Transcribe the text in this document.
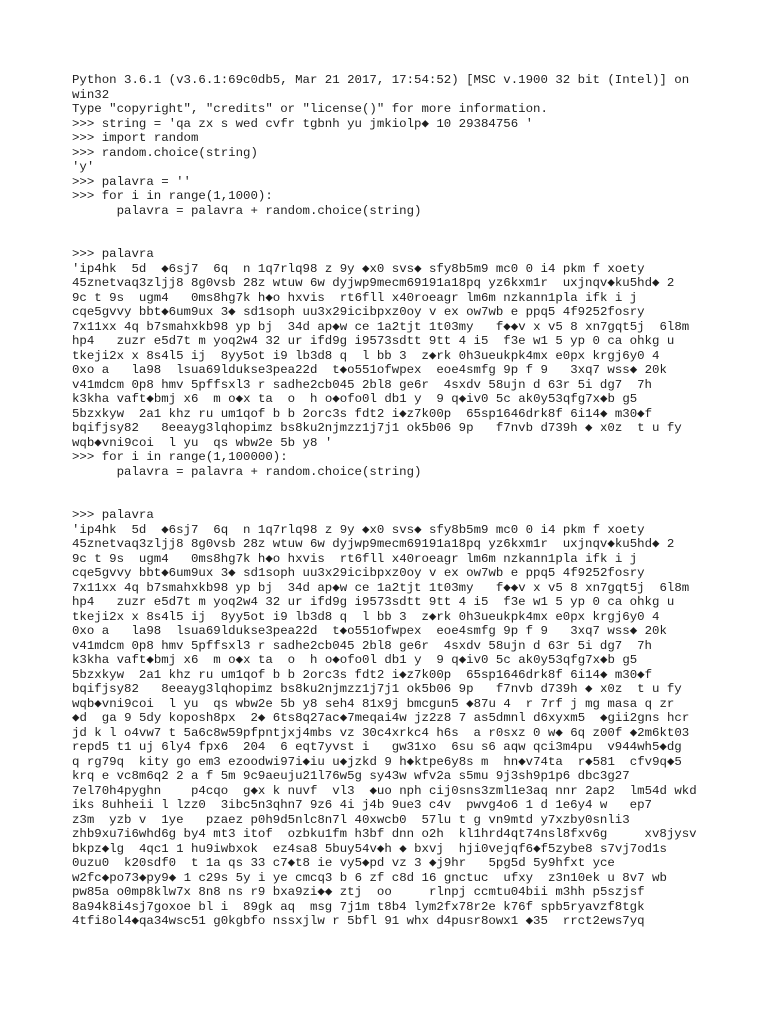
Python 3.6.1 (v3.6.1:69c0db5, Mar 21 2017, 17:54:52) [MSC v.1900 32 bit (Intel)] on
win32
Type "copyright", "credits" or "license()" for more information.
>>> string = 'qa zx s wed cvfr tgbnh yu jmkiolp◆ 10 29384756 '
>>> import random
>>> random.choice(string)
'y'
>>> palavra = ''
>>> for i in range(1,1000):
palavra = palavra + random.choice(string)
>>> palavra
'ip4hk  5d  ◆6sj7  6q  n 1q7rlq98 z 9y ◆x0 svs◆ sfy8b5m9 mc0 0 i4 pkm f xoety
45znetvaq3zljj8 8g0vsb 28z wtuw 6w dyjwp9mecm69191a18pq yz6kxm1r  uxjnqv◆ku5hd◆ 2
9c t 9s  ugm4   0ms8hg7k h◆o hxvis  rt6fll x40roeagr lm6m nzkann1pla ifk i j
cqe5gvvy bbt◆6um9ux 3◆ sd1soph uu3x29icibpxz0oy v ex ow7wb e ppq5 4f9252fosry
7x11xx 4q b7smahxkb98 yp bj  34d ap◆w ce 1a2tjt 1t03my   f◆◆v x v5 8 xn7gqt5j  6l8m
hp4   zuzr e5d7t m yoq2w4 32 ur ifd9g i9573sdtt 9tt 4 i5  f3e w1 5 yp 0 ca ohkg u
tkeji2x x 8s4l5 ij  8yy5ot i9 lb3d8 q  l bb 3  z◆rk 0h3ueukpk4mx e0px krgj6y0 4
0xo a   la98  lsua69ldukse3pea22d  t◆o551ofwpex  eoe4smfg 9p f 9   3xq7 wss◆ 20k
v41mdcm 0p8 hmv 5pffsxl3 r sadhe2cb045 2bl8 ge6r  4sxdv 58ujn d 63r 5i dg7  7h
k3kha vaft◆bmj x6  m o◆x ta  o  h o◆ofo0l db1 y  9 q◆iv0 5c ak0y53qfg7x◆b g5
5bzxkyw  2a1 khz ru um1qof b b 2orc3s fdt2 i◆z7k00p  65sp1646drk8f 6i14◆ m30◆f
bqifjsy82   8eeayg3lqhopimz bs8ku2njmzz1j7j1 ok5b06 9p   f7nvb d739h ◆ x0z  t u fy
wqb◆vni9coi  l yu  qs wbw2e 5b y8 '
>>> for i in range(1,100000):
palavra = palavra + random.choice(string)
>>> palavra
'ip4hk  5d  ◆6sj7  6q  n 1q7rlq98 z 9y ◆x0 svs◆ sfy8b5m9 mc0 0 i4 pkm f xoety
45znetvaq3zljj8 8g0vsb 28z wtuw 6w dyjwp9mecm69191a18pq yz6kxm1r  uxjnqv◆ku5hd◆ 2
9c t 9s  ugm4   0ms8hg7k h◆o hxvis  rt6fll x40roeagr lm6m nzkann1pla ifk i j
cqe5gvvy bbt◆6um9ux 3◆ sd1soph uu3x29icibpxz0oy v ex ow7wb e ppq5 4f9252fosry
7x11xx 4q b7smahxkb98 yp bj  34d ap◆w ce 1a2tjt 1t03my   f◆◆v x v5 8 xn7gqt5j  6l8m
hp4   zuzr e5d7t m yoq2w4 32 ur ifd9g i9573sdtt 9tt 4 i5  f3e w1 5 yp 0 ca ohkg u
tkeji2x x 8s4l5 ij  8yy5ot i9 lb3d8 q  l bb 3  z◆rk 0h3ueukpk4mx e0px krgj6y0 4
0xo a   la98  lsua69ldukse3pea22d  t◆o551ofwpex  eoe4smfg 9p f 9   3xq7 wss◆ 20k
v41mdcm 0p8 hmv 5pffsxl3 r sadhe2cb045 2bl8 ge6r  4sxdv 58ujn d 63r 5i dg7  7h
k3kha vaft◆bmj x6  m o◆x ta  o  h o◆ofo0l db1 y  9 q◆iv0 5c ak0y53qfg7x◆b g5
5bzxkyw  2a1 khz ru um1qof b b 2orc3s fdt2 i◆z7k00p  65sp1646drk8f 6i14◆ m30◆f
bqifjsy82   8eeayg3lqhopimz bs8ku2njmzz1j7j1 ok5b06 9p   f7nvb d739h ◆ x0z  t u fy
wqb◆vni9coi  l yu  qs wbw2e 5b y8 seh4 81x9j bmcgun5 ◆87u 4  r 7rf j mg masa q zr
◆d  ga 9 5dy koposh8px  2◆ 6ts8q27ac◆7meqai4w jz2z8 7 as5dmnl d6xyxm5  ◆gii2gns hcr
jd k l o4vw7 t 5a6c8w59pfpntjxj4mbs vz 30c4xrkc4 h6s  a r0sxz 0 w◆ 6q z00f ◆2m6kt03
repd5 t1 uj 6ly4 fpx6  204  6 eqt7yvst i   gw31xo  6su s6 aqw qci3m4pu  v944wh5◆dg
q rg79q  kity go em3 ezoodwi97i◆iu u◆jzkd 9 h◆ktpe6y8s m  hn◆v74ta  r◆581  cfv9q◆5
krq e vc8m6q2 2 a f 5m 9c9aeuju21l76w5g sy43w wfv2a s5mu 9j3sh9p1p6 dbc3g27
7el70h4pyghn    p4cqo  g◆x k nuvf  vl3  ◆uo nph cij0sns3zml1e3aq nnr 2ap2  lm54d wkd
iks 8uhheii l lzz0  3ibc5n3qhn7 9z6 4i j4b 9ue3 c4v  pwvg4o6 1 d 1e6y4 w   ep7
z3m  yzb v  1ye   pzaez p0h9d5nlc8n7l 40xwcb0  57lu t g vn9mtd y7xzby0snli3
zhb9xu7i6whd6g by4 mt3 itof  ozbku1fm h3bf dnn o2h  kl1hrd4qt74nsl8fxv6g     xv8jysv
bkpz◆lg  4qc1 1 hu9iwbxok  ez4sa8 5buy54v◆h ◆ bxvj  hji0vejqf6◆f5zybe8 s7vj7od1s
0uzu0  k20sdf0  t 1a qs 33 c7◆t8 ie vy5◆pd vz 3 ◆j9hr   5pg5d 5y9hfxt yce
w2fc◆po73◆py9◆ 1 c29s 5y i ye cmcq3 b 6 zf c8d 16 gnctuc  ufxy  z3n10ek u 8v7 wb
pw85a o0mp8klw7x 8n8 ns r9 bxa9zi◆◆ ztj  oo     rlnpj ccmtu04bii m3hh p5szjsf
8a94k8i4sj7goxoe bl i  89gk aq  msg 7j1m t8b4 lym2fx78r2e k76f spb5ryavzf8tgk
4tfi8ol4◆qa34wsc51 g0kgbfo nssxjlw r 5bfl 91 whx d4pusr8owx1 ◆35  rrct2ews7yq
